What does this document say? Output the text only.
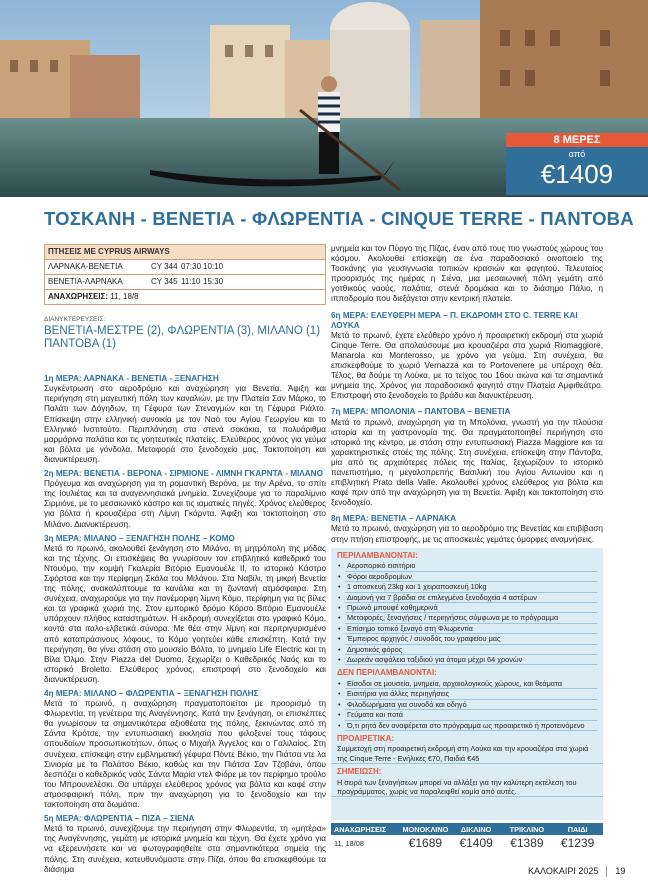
8 ΜΕΡΕΣ
από
€1409
ΤΟΣΚΑΝΗ - ΒΕΝΕΤΙΑ - ΦΛΩΡΕΝΤΙΑ - CINQUE TERRE - ΠΑΝΤΟΒΑ
ΠΤΗΣΕΙΣ ΜΕ CYPRUS AIRWAYS
ΛΑΡΝΑΚΑ-ΒΕΝΕΤΙΑ	CY 344 07:30 10:10
ΒΕΝΕΤΙΑ-ΛΑΡΝΑΚΑ	CY 345 11:10 15:30
ΑΝΑΧΩΡΗΣΕΙΣ:
11, 18/8
ΔΙΑΝΥΚΤΕΡΕΥΣΕΙΣ:
ΒΕΝΕΤΙΑ-ΜΕΣΤΡΕ (2), ΦΛΩΡΕΝΤΙΑ (3), ΜΙΛΑΝΟ (1) ΠΑΝΤΟΒΑ (1)
1η ΜΕΡΑ: ΛΑΡΝΑΚΑ - ΒΕΝΕΤΙΑ - ΞΕΝΑΓΗΣΗ

Συγκέντρωση στο αεροδρόμιο και αναχώρηση για Βενετία. Άφιξη και περιήγηση στη μαγευτική πόλη των καναλιών, με την Πλατεία Σαν Μάρκο, το Παλάτι των Δόγηδων, τη Γέφυρα των Στεναγμών και τη Γέφυρα Ριάλτο. Επίσκεψη στην ελληνική συνοικία με τον Ναό του Αγίου Γεωργίου και το Ελληνικό Ινστιτούτο. Περιπλάνηση στα στενά σοκάκια, τα πολυάριθμα μαρμάρινα παλάτια και τις γοητευτικές πλατείες. Ελεύθερος χρόνος για γεύμα και βόλτα με γόνδολα. Μεταφορά στο ξενοδοχείο μας. Τακτοποίηση και διανυκτέρευση.

2η ΜΕΡΑ: ΒΕΝΕΤΙΑ - ΒΕΡΟΝΑ - ΣΙΡΜΙΟΝΕ - ΛΙΜΝΗ ΓΚΑΡΝΤΑ - ΜΙΛΑΝΟ

Πρόγευμα και αναχώρηση για τη ρομαντική Βερόνα, με την Αρένα, το σπίτι της Ιουλιέτας και τα αναγεννησιακά μνημεία. Συνεχίζουμε για το παραλίμνιο Σιρμιόνε, με το μεσαιωνικό κάστρο και τις ιαματικές πηγές. Χρόνος ελεύθερος για βόλτα ή κρουαζιέρα στη Λίμνη Γκάρντα. Άφιξη και τακτοποίηση στο Μιλάνο. Διανυκτέρευση.

3η ΜΕΡΑ: ΜΙΛΑΝΟ – ΞΕΝΑΓΗΣΗ ΠΟΛΗΣ – ΚΟΜΟ

Μετά το πρωινό, ακολουθεί ξενάγηση στο Μιλάνο, τη μητρόπολη της μόδας και της τέχνης. Οι επισκέψεις θα γνωρίσουν τον επιβλητικό καθεδρικό του Ντουόμο, την κομψή Γκαλερία Βιτόριο Εμανουέλε ΙΙ, το ιστορικό Κάστρο Σφόρτσα και την περίφημη Σκάλα του Μιλάνου. Στα Ναβίλι, τη μικρή Βενετία της πόλης, ανακαλύπτουμε τα κανάλια και τη ζωντανή ατμόσφαιρα. Στη συνέχεια, αναχωρούμε για την πανέμορφη λίμνη Κόμο, περίφημη για τις βίλες και τα γραφικά χωριά της. Στον εμπορικό δρόμο Κόρσο Βιτόριο Εμανουέλε υπάρχουν πλήθος καταστημάτων. Η εκδρομή συνεχίζεται στο γραφικό Κόμο, κοντά στα ιταλο-ελβετικά σύνορα. Με θέα στην λίμνη και περιτριγυρισμένο από καταπράσινους λόφους, το Κόμο γοητεύει κάθε επισκέπτη. Κατά την περιήγηση, θα γίνει στάση στο μουσείο Βόλτα, το μνημείο Life Electric και τη Βίλα Όλμο. Στην Piazza del Duomo, ξεχωρίζει ο Καθεδρικός Ναός και το ιστορικό Broletto. Ελεύθερος χρόνος, επιστροφή στο ξενοδοχείο και διανυκτέρευση.

4η ΜΕΡΑ: ΜΙΛΑΝΟ – ΦΛΩΡΕΝΤΙΑ – ΞΕΝΑΓΗΣΗ ΠΟΛΗΣ

Μετά το πρωινό, η αναχώρηση πραγματοποιείται με προορισμό τη Φλωρεντία, τη γενέτειρα της Αναγέννησης. Κατά την ξενάγηση, οι επισκέπτες θα γνωρίσουν τα σημαντικότερα αξιοθέατα της πόλης, ξεκινώντας από τη Σάντα Κρότσε, την εντυπωσιακή εκκλησία που φιλοξενεί τους τάφους σπουδαίων προσωπικοτήτων, όπως ο Μιχαήλ Άγγελος και ο Γαλιλαίος. Στη συνέχεια, επίσκεψη στην εμβληματική γέφυρα Πόντε Βέκιο, την Πιάτσα ντε λα Σινιορία με το Παλάτσο Βέκιο, καθώς και την Πιάτσα Σαν Τζοβάνι, όπου δεσπόζει ο καθεδρικός ναός Σάντα Μαρία ντελ Φιόρε με τον περίφημο τρούλο του Μπρουνελέσκι. Θα υπάρχει ελεύθερος χρόνος για βόλτα και καφέ στην ατμοσφαιρική πόλη, πριν την αναχώρηση για το ξενοδοχείο και την τακτοποίηση στα δωμάτια.

5η ΜΕΡΑ: ΦΛΩΡΕΝΤΙΑ – ΠΙΖΑ – ΣΙΕΝΑ

Μετά το πρωινό, συνεχίζουμε την περιήγηση στην Φλωρεντία, τη «μητέρα» της Αναγέννησης, γεμάτη με ιστορικά μνημεία και τέχνη. Θα έχετε χρόνο για να εξερευνήσετε και να φωτογραφηθείτε στα σημαντικότερα σημεία της πόλης. Στη συνέχεια, κατευθυνόμαστε στην Πίζα, όπου θα επισκεφθούμε τα διάσημα

μνημεία και τον Πύργο της Πίζας, έναν από τους πιο γνωστούς χώρους του κόσμου. Ακολουθεί επίσκεψη σε ένα παραδοσιακό οινοποιείο της Τοσκάνης για γευσιγνωσία τοπικών κρασιών και φαγητού. Τελευταίος προορισμός της ημέρας η Σιένα, μια μεσαιωνική πόλη γεμάτη από γοτθικούς ναούς, παλάτια, στενά δρομάκια και το διάσημο Πάλιο, η ιπποδρομία που διεξάγεται στην κεντρική πλατεία.

6η ΜΕΡΑ: ΕΛΕΥΘΕΡΗ ΜΕΡΑ – Π. ΕΚΔΡΟΜΗ ΣΤΟ C. TERRE ΚΑΙ ΛΟΥΚΑ

Μετά το πρωινό, έχετε ελεύθερο χρόνο ή προαιρετική εκδρομή στα χωριά Cinque Terre. Θα απολαύσουμε μια κρουαζιέρα στα χωριά Riomaggiore, Manarola και Monterosso, με χρόνο για γεύμα. Στη συνέχεια, θα επισκεφθούμε το χωριό Vernazza και το Portovenere με υπέροχη θέα. Τέλος, θα δούμε τη Λούκα, με το τείχος του 16ου αιώνα και τα σημαντικά μνημεία της. Χρόνος για παραδοσιακό φαγητό στην Πλατεία Αμφιθεάτρο. Επιστροφή στο ξενοδοχείο το βράδυ και διανυκτέρευση.

7η ΜΕΡΑ: ΜΠΟΛΟΝΙΑ – ΠΑΝΤΟΒΑ – ΒΕΝΕΤΙΑ

Μετά το πρωινό, αναχώρηση για τη Μπολόνια, γνωστή για την πλούσια ιστορία και τη γαστρονομία της. Θα πραγματοποιηθεί περιήγηση στο ιστορικό της κέντρο, με στάση στην εντυπωσιακή Piazza Maggiore και τα χαρακτηριστικές στοές της πόλης. Στη συνέχεια, επίσκεψη στην Πάντοβα, μία από τις αρχαιότερες πόλεις της Ιταλίας, ξεχωρίζουν το ιστορικό πανεπιστήμιο, η μεγαλοπρεπής Βασιλική του Αγίου Αντωνίου και η επιβλητική Prato della Valle. Ακολουθεί χρόνος ελεύθερος για βόλτα και καφέ πριν από την αναχώρηση για τη Βενετία. Άφιξη και τακτοποίηση στο ξενοδοχείο.

8η ΜΕΡΑ: ΒΕΝΕΤΙΑ – ΛΑΡΝΑΚΑ

Μετά το πρωινό, αναχώρηση για το αεροδρόμιο της Βενετίας και επιβίβαση στην πτήση επιστροφής, με τις αποσκευές γεμάτες όμορφες αναμνήσεις.

ΠΕΡΙΛΑΜΒΑΝΟΝΤΑΙ:
• Αεροπορικό εισιτήριο
• Φόροι αεροδρομίων
• 1 αποσκευή 23kg και 1 χειραποσκευή 10kg
• Διαμονή για 7 βράδια σε επιλεγμένα ξενοδοχεία 4 αστέρων
• Πρωινό μπουφέ καθημερινά
• Μεταφορές, ξεναγήσεις / περιηγήσεις σύμφωνα με το πρόγραμμα
• Επίσημο τοπικό ξεναγό στη Φλωρεντία
• Έμπειρος αρχηγός / συνοδός του γραφείου μας
• Δημοτικός φόρος
• Δωρεάν ασφάλεια ταξιδιού για άτομα μέχρι 64 χρονών
ΔΕΝ ΠΕΡΙΛΑΜΒΑΝΟΝΤΑΙ:
• Είσοδοι σε μουσεία, μνημεία, αρχαιολογικούς χώρους, και θεάματα
• Εισιτήρια για άλλες περιηγήσεις
• Φιλοδωρήματα για συνοδό και οδηγό
• Γεύματα και ποτά
• Ό,τι ρητά δεν αναφέρεται στο πρόγραμμα ως προαιρετικό ή προτεινόμενο
ΠΡΟΑΙΡΕΤΙΚΑ:
Συμμετοχή στη προαιρετική εκδρομή στη Λούκα και την κρουαζιέρα στα χωριά της Cinque Terre - Ενήλικες €70, Παιδιά €45
ΣΗΜΕΙΩΣΗ:
Η σειρά των ξεναγήσεων μπορεί να αλλάξει για την καλύτερη εκτέλεση του προγράμματος, χωρίς να παραλειφθεί καμία από αυτές.
ΑΝΑΧΩΡΗΣΕΙΣ	ΜΟΝΟΚΛΙΝΟ	ΔΙΚΛΙΝΟ	ΤΡΙΚΛΙΝΟ	ΠΑΙΔΙ
11, 18/08	€1689	€1409	€1389	€1239
ΚΑΛΟΚΑΙΡΙ 2025 19
